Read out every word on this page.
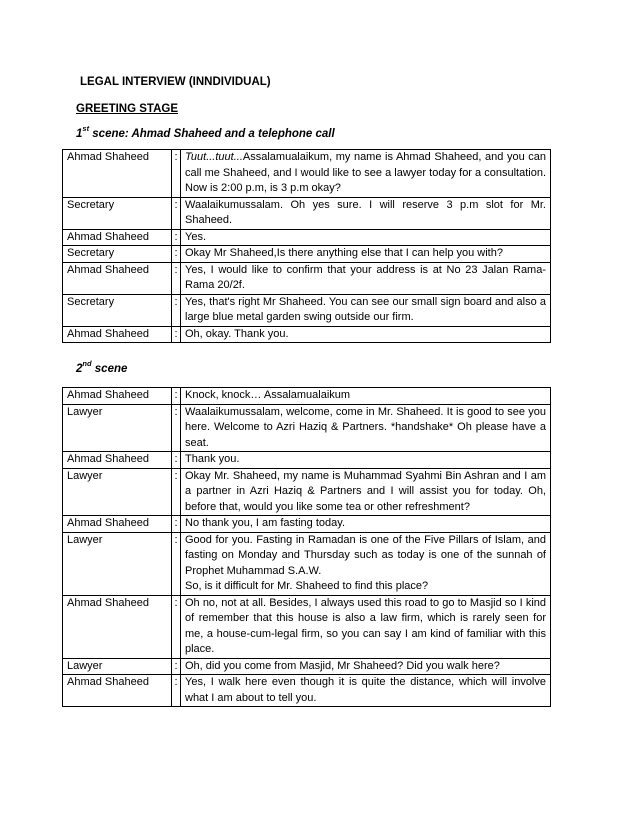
LEGAL INTERVIEW (INNDIVIDUAL)
GREETING STAGE
1st scene: Ahmad Shaheed and a telephone call
Ahmad Shaheed	:	Tuut...tuut...Assalamualaikum, my name is Ahmad Shaheed, and you can call me Shaheed, and I would like to see a lawyer today for a consultation. Now is 2:00 p.m, is 3 p.m okay?
Secretary	:	Waalaikumussalam. Oh yes sure. I will reserve 3 p.m slot for Mr. Shaheed.
Ahmad Shaheed	:	Yes.
Secretary	:	Okay Mr Shaheed,Is there anything else that I can help you with?
Ahmad Shaheed	:	Yes, I would like to confirm that your address is at No 23 Jalan Rama-Rama 20/2f.
Secretary	:	Yes, that's right Mr Shaheed. You can see our small sign board and also a large blue metal garden swing outside our firm.
Ahmad Shaheed	:	Oh, okay. Thank you.
2nd scene
Ahmad Shaheed	:	Knock, knock… Assalamualaikum
Lawyer	:	Waalaikumussalam, welcome, come in Mr. Shaheed. It is good to see you here. Welcome to Azri Haziq & Partners. *handshake* Oh please have a seat.
Ahmad Shaheed	:	Thank you.
Lawyer	:	Okay Mr. Shaheed, my name is Muhammad Syahmi Bin Ashran and I am a partner in Azri Haziq & Partners and I will assist you for today. Oh, before that, would you like some tea or other refreshment?
Ahmad Shaheed	:	No thank you, I am fasting today.
Lawyer	:	Good for you. Fasting in Ramadan is one of the Five Pillars of Islam, and fasting on Monday and Thursday such as today is one of the sunnah of Prophet Muhammad S.A.W.
So, is it difficult for Mr. Shaheed to find this place?

Ahmad Shaheed	:	Oh no, not at all. Besides, I always used this road to go to Masjid so I kind of remember that this house is also a law firm, which is rarely seen for me, a house-cum-legal firm, so you can say I am kind of familiar with this place.
Lawyer	:	Oh, did you come from Masjid, Mr Shaheed? Did you walk here?
Ahmad Shaheed	:	Yes, I walk here even though it is quite the distance, which will involve what I am about to tell you.
